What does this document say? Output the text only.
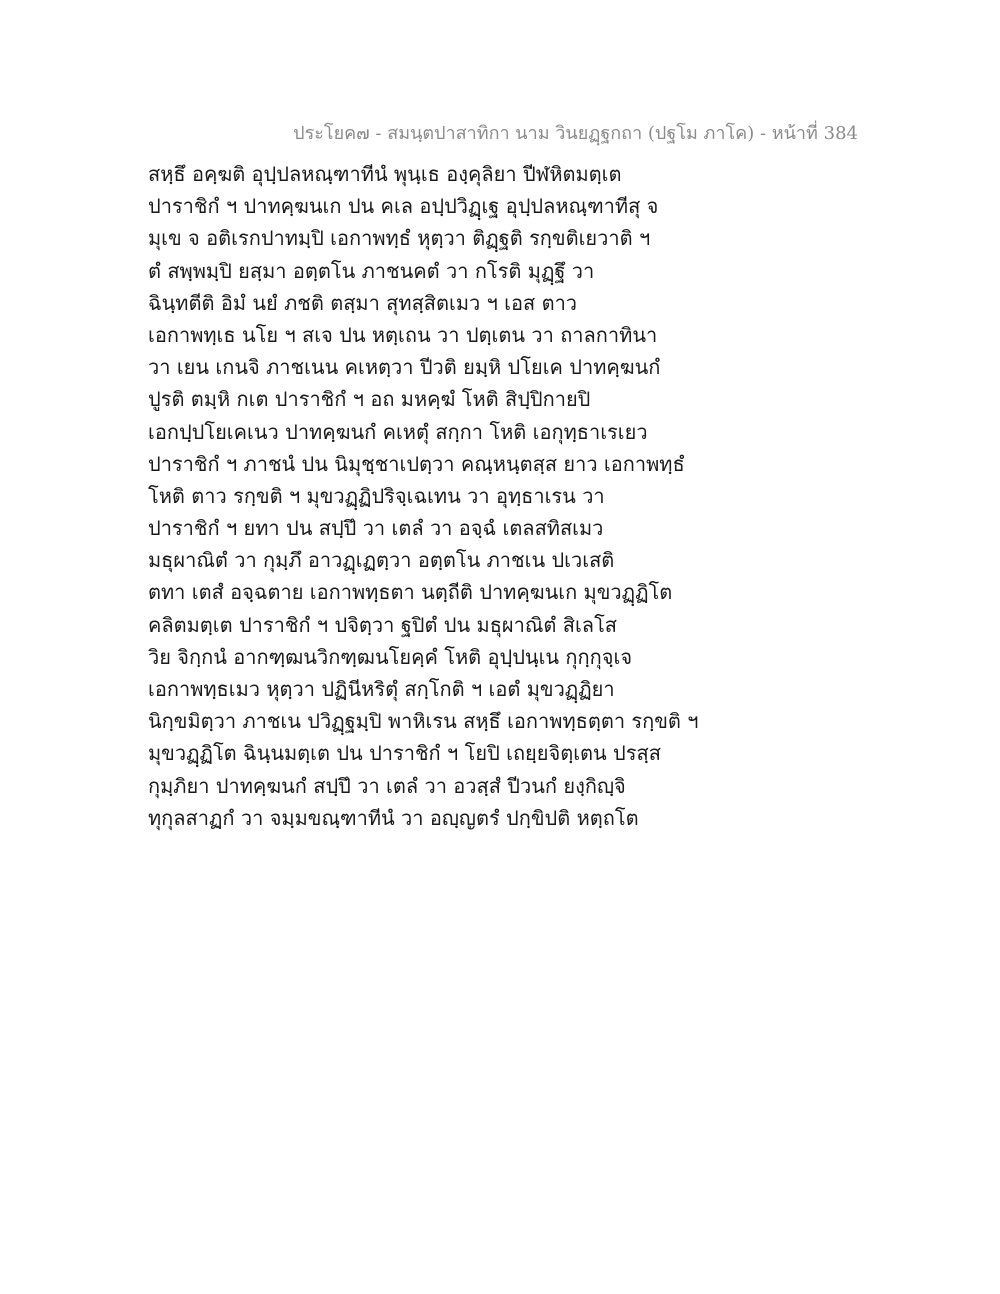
ประโยค๗ - สมนฺตปาสาทิกา นาม วินยฏฺฐกถา (ปฐโม ภาโค) - หน้าที่ 384
สหฺธึ อคฺฆติ อุปฺปลหณฺฑาทีนํ พุนฺเธ องฺคุลิยา ปีฬหิตมตฺเต
ปาราชิกํ ฯ ปาทคฺฆนเก ปน คเล อปฺปวิฏฺเฐ อุปฺปลหณฺฑาทีสุ จ
มุเข จ อติเรกปาทมฺปิ เอกาพทฺธํ หุตฺวา ติฏฺฐติ รกฺขติเยวาติ ฯ
ตํ สพฺพมฺปิ ยสฺมา อตฺตโน ภาชนคตํ วา กโรติ มุฏฺฐึ วา
ฉินฺทตีติ อิมํ นยํ ภชติ ตสฺมา สุทสฺสิตเมว ฯ เอส ตาว
เอกาพทฺเธ นโย ฯ สเจ ปน หตฺเถน วา ปตฺเตน วา ถาลกาทินา
วา เยน เกนจิ ภาชเนน คเหตฺวา ปีวติ ยมฺหิ ปโยเค ปาทคฺฆนกํ
ปูรติ ตมฺหิ กเต ปาราชิกํ ฯ อถ มหคฺฆํ โหติ สิปฺปิกายปิ
เอกปฺปโยเคเนว ปาทคฺฆนกํ คเหตุํ สกฺกา โหติ เอกุทฺธาเรเยว
ปาราชิกํ ฯ ภาชนํ ปน นิมุชฺชาเปตฺวา คณฺหนฺตสฺส ยาว เอกาพทฺธํ
โหติ ตาว รกฺขติ ฯ มุขวฏฺฏิปริจฺเฉเทน วา อุทฺธาเรน วา
ปาราชิกํ ฯ ยทา ปน สปฺปึ วา เตลํ วา อจฺฉํ เตลสทิสเมว
มธุผาณิตํ วา กุมฺภึ อาวฏฺเฏตฺวา อตฺตโน ภาชเน ปเวเสติ
ตทา เตสํ อจฺฉตาย เอกาพทฺธตา นตฺถีติ ปาทคฺฆนเก มุขวฏฺฏิโต
คลิตมตฺเต ปาราชิกํ ฯ ปจิตฺวา ฐปิตํ ปน มธุผาณิตํ สิเลโส
วิย จิกฺกนํ อากฑฺฒนวิกฑฺฒนโยคฺคํ โหติ อุปฺปนฺเน กุกฺกุจฺเจ
เอกาพทฺธเมว หุตฺวา ปฏินีหริตุํ สกฺโกติ ฯ เอตํ มุขวฏฺฏิยา
นิกฺขมิตฺวา ภาชเน ปวิฏฺฐมฺปิ พาหิเรน สหฺธึ เอกาพทฺธตฺตา รกฺขติ ฯ
มุขวฏฺฏิโต ฉินฺนมตฺเต ปน ปาราชิกํ ฯ โยปิ เถยฺยจิตฺเตน ปรสฺส
กุมฺภิยา ปาทคฺฆนกํ สปฺปึ วา เตลํ วา อวสฺสํ ปีวนกํ ยงฺกิญฺจิ
ทุกุลสาฏกํ วา จมฺมขณฺฑาทีนํ วา อญฺญตรํ ปกฺขิปติ หตฺถโต
